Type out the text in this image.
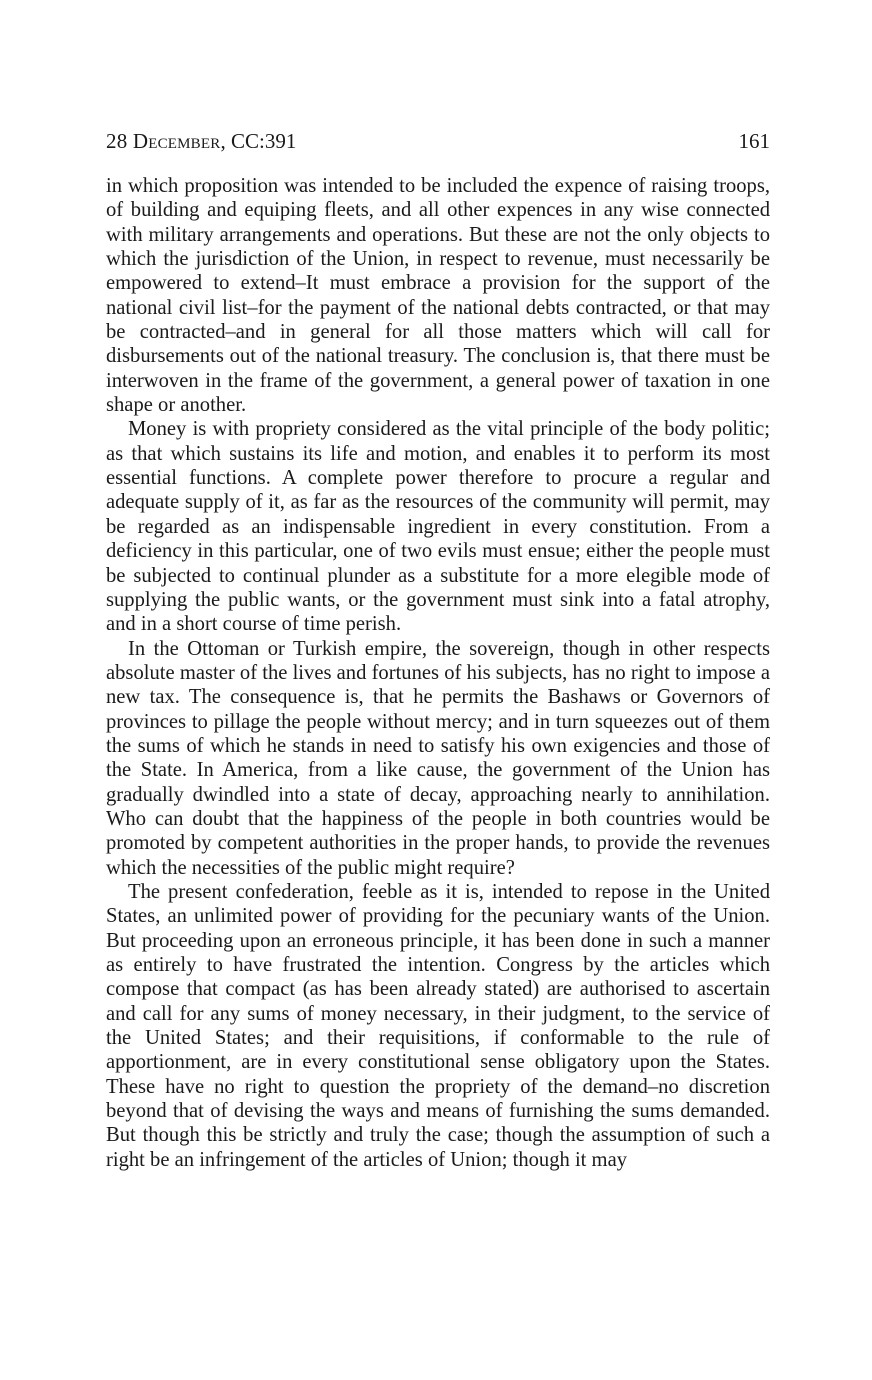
28 December, CC:391	161

in which proposition was intended to be included the expence of raising troops, of building and equiping fleets, and all other expences in any wise connected with military arrangements and operations. But these are not the only objects to which the jurisdiction of the Union, in respect to revenue, must necessarily be empowered to extend–It must embrace a provision for the support of the national civil list–for the payment of the national debts contracted, or that may be contracted–and in general for all those matters which will call for disbursements out of the national treasury. The conclusion is, that there must be interwoven in the frame of the government, a general power of taxation in one shape or another.

Money is with propriety considered as the vital principle of the body politic; as that which sustains its life and motion, and enables it to perform its most essential functions. A complete power therefore to procure a regular and adequate supply of it, as far as the resources of the community will permit, may be regarded as an indispensable ingredient in every constitution. From a deficiency in this particular, one of two evils must ensue; either the people must be subjected to continual plunder as a substitute for a more elegible mode of supplying the public wants, or the government must sink into a fatal atrophy, and in a short course of time perish.

In the Ottoman or Turkish empire, the sovereign, though in other respects absolute master of the lives and fortunes of his subjects, has no right to impose a new tax. The consequence is, that he permits the Bashaws or Governors of provinces to pillage the people without mercy; and in turn squeezes out of them the sums of which he stands in need to satisfy his own exigencies and those of the State. In America, from a like cause, the government of the Union has gradually dwindled into a state of decay, approaching nearly to annihilation. Who can doubt that the happiness of the people in both countries would be promoted by competent authorities in the proper hands, to provide the revenues which the necessities of the public might require?

The present confederation, feeble as it is, intended to repose in the United States, an unlimited power of providing for the pecuniary wants of the Union. But proceeding upon an erroneous principle, it has been done in such a manner as entirely to have frustrated the intention. Congress by the articles which compose that compact (as has been already stated) are authorised to ascertain and call for any sums of money necessary, in their judgment, to the service of the United States; and their requisitions, if conformable to the rule of apportionment, are in every constitutional sense obligatory upon the States. These have no right to question the propriety of the demand–no discretion beyond that of devising the ways and means of furnishing the sums demanded. But though this be strictly and truly the case; though the assumption of such a right be an infringement of the articles of Union; though it may
